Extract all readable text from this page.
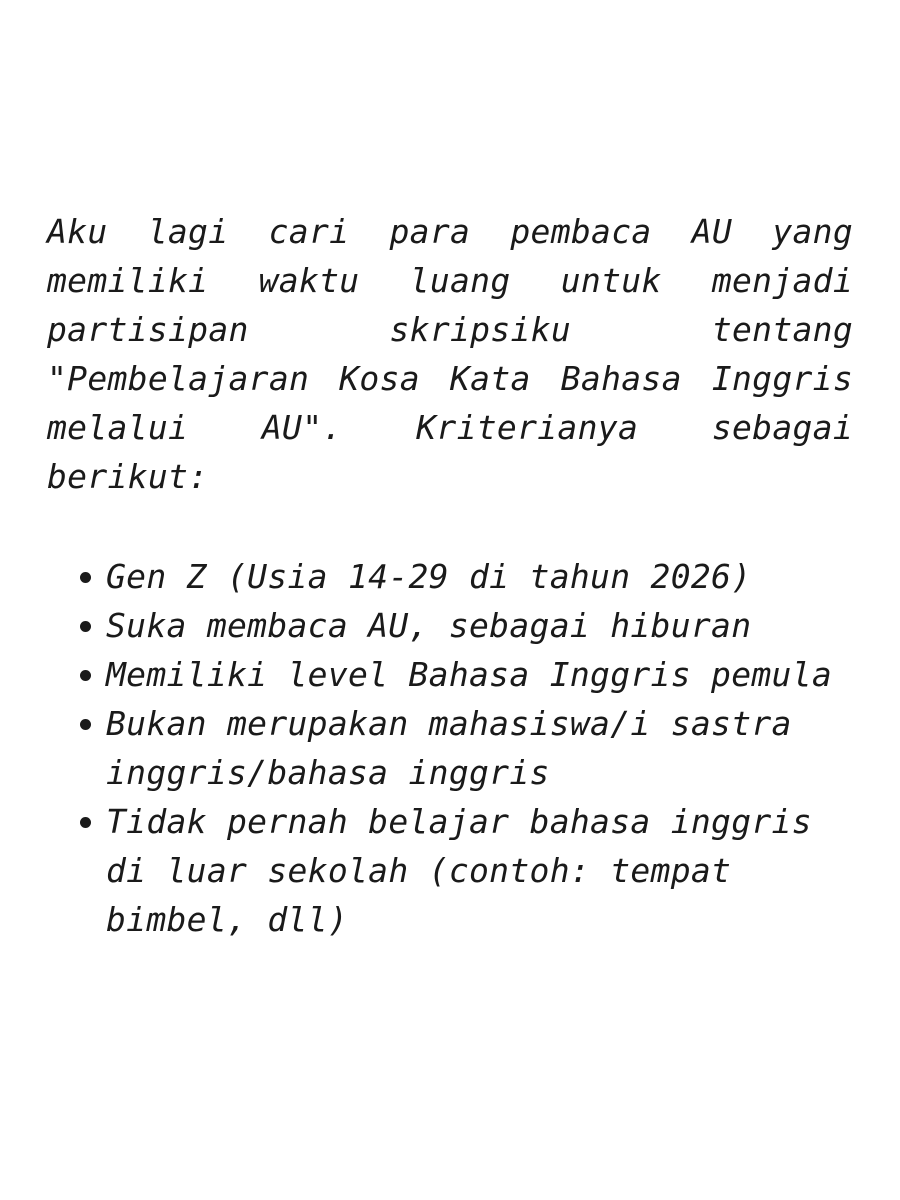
Aku lagi cari para pembaca AU yang memiliki waktu luang untuk menjadi partisipan skripsiku tentang "Pembelajaran Kosa Kata Bahasa Inggris melalui AU". Kriterianya sebagai berikut:

Gen Z (Usia 14-29 di tahun 2026)
Suka membaca AU, sebagai hiburan
Memiliki level Bahasa Inggris pemula
Bukan merupakan mahasiswa/i sastra inggris/bahasa inggris
Tidak pernah belajar bahasa inggris di luar sekolah (contoh: tempat bimbel, dll)
